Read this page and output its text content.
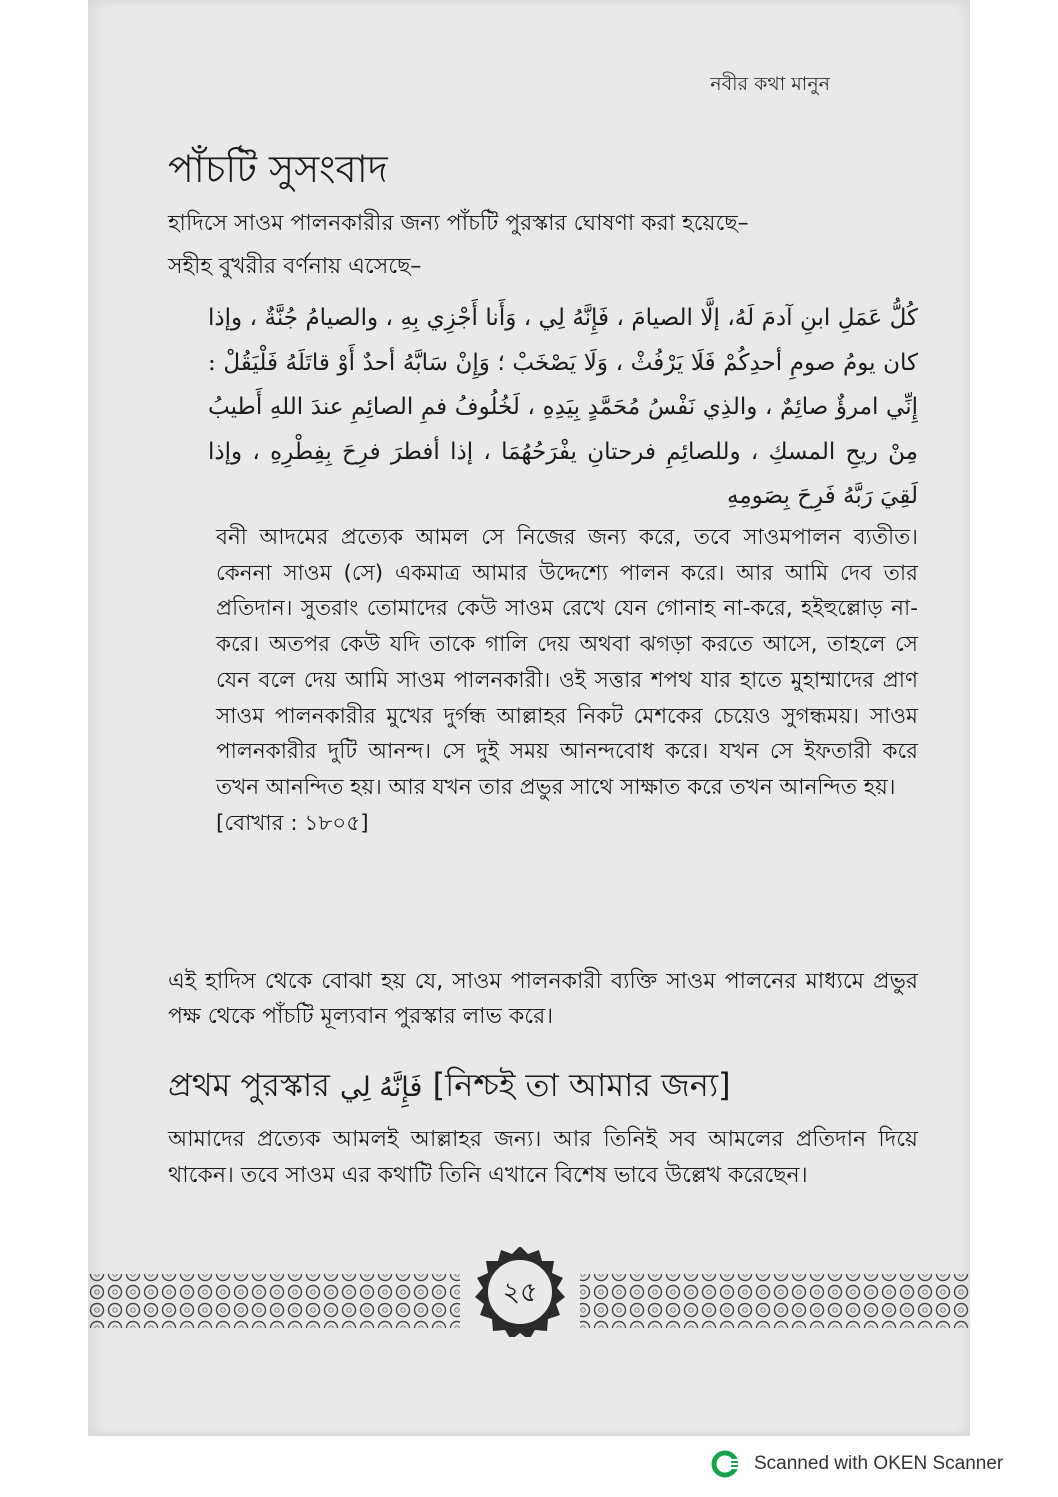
নবীর কথা মানুন
পাঁচটি সুসংবাদ

হাদিসে সাওম পালনকারীর জন্য পাঁচটি পুরস্কার ঘোষণা করা হয়েছে–

সহীহ বুখরীর বর্ণনায় এসেছে–

كُلُّ عَمَلِ ابنِ آدمَ لَهُ، إلَّا الصيامَ ، فَإِنَّهُ لِي ، وَأَنا أَجْزِي بِهِ ، والصيامُ جُنَّةٌ ، وإذا كان يومُ صومِ أحدِكُمْ فَلَا يَرْفُثْ ، وَلَا يَصْخَبْ ؛ وَإِنْ سَابَّهُ أحدٌ أَوْ قاتَلَهُ فَلْيَقُلْ : إِنِّي امرؤٌ صائِمٌ ، والذِي نَفْسُ مُحَمَّدٍ بِيَدِهِ ، لَخُلُوفُ فمِ الصائِمِ عندَ اللهِ أَطيبُ مِنْ ريحِ المسكِ ، وللصائِمِ فرحتانِ يفْرَحُهُمَا ، إذا أفطرَ فرِحَ بِفِطْرِهِ ، وإذا لَقِيَ رَبَّهُ فَرِحَ بِصَومِهِ

বনী আদমের প্রত্যেক আমল সে নিজের জন্য করে, তবে সাওমপালন ব্যতীত। কেননা সাওম (সে) একমাত্র আমার উদ্দেশ্যে পালন করে। আর আমি দেব তার প্রতিদান। সুতরাং তোমাদের কেউ সাওম রেখে যেন গোনাহ না-করে, হইহুল্লোড় না- করে। অতপর কেউ যদি তাকে গালি দেয় অথবা ঝগড়া করতে আসে, তাহলে সে যেন বলে দেয় আমি সাওম পালনকারী। ওই সত্তার শপথ যার হাতে মুহাম্মাদের প্রাণ সাওম পালনকারীর মুখের দুর্গন্ধ আল্লাহর নিকট মেশকের চেয়েও সুগন্ধময়। সাওম পালনকারীর দুটি আনন্দ। সে দুই সময় আনন্দবোধ করে। যখন সে ইফতারী করে তখন আনন্দিত হয়। আর যখন তার প্রভুর সাথে সাক্ষাত করে তখন আনন্দিত হয়।
[বোখার : ১৮০৫]

এই হাদিস থেকে বোঝা হয় যে, সাওম পালনকারী ব্যক্তি সাওম পালনের মাধ্যমে প্রভুর পক্ষ থেকে পাঁচটি মূল্যবান পুরস্কার লাভ করে।

প্রথম পুরস্কার فَإِنَّهُ لِي [নিশ্চই তা আমার জন্য]

আমাদের প্রত্যেক আমলই আল্লাহর জন্য। আর তিনিই সব আমলের প্রতিদান দিয়ে থাকেন। তবে সাওম এর কথাটি তিনি এখানে বিশেষ ভাবে উল্লেখ করেছেন।

২৫
Scanned with OKEN Scanner
